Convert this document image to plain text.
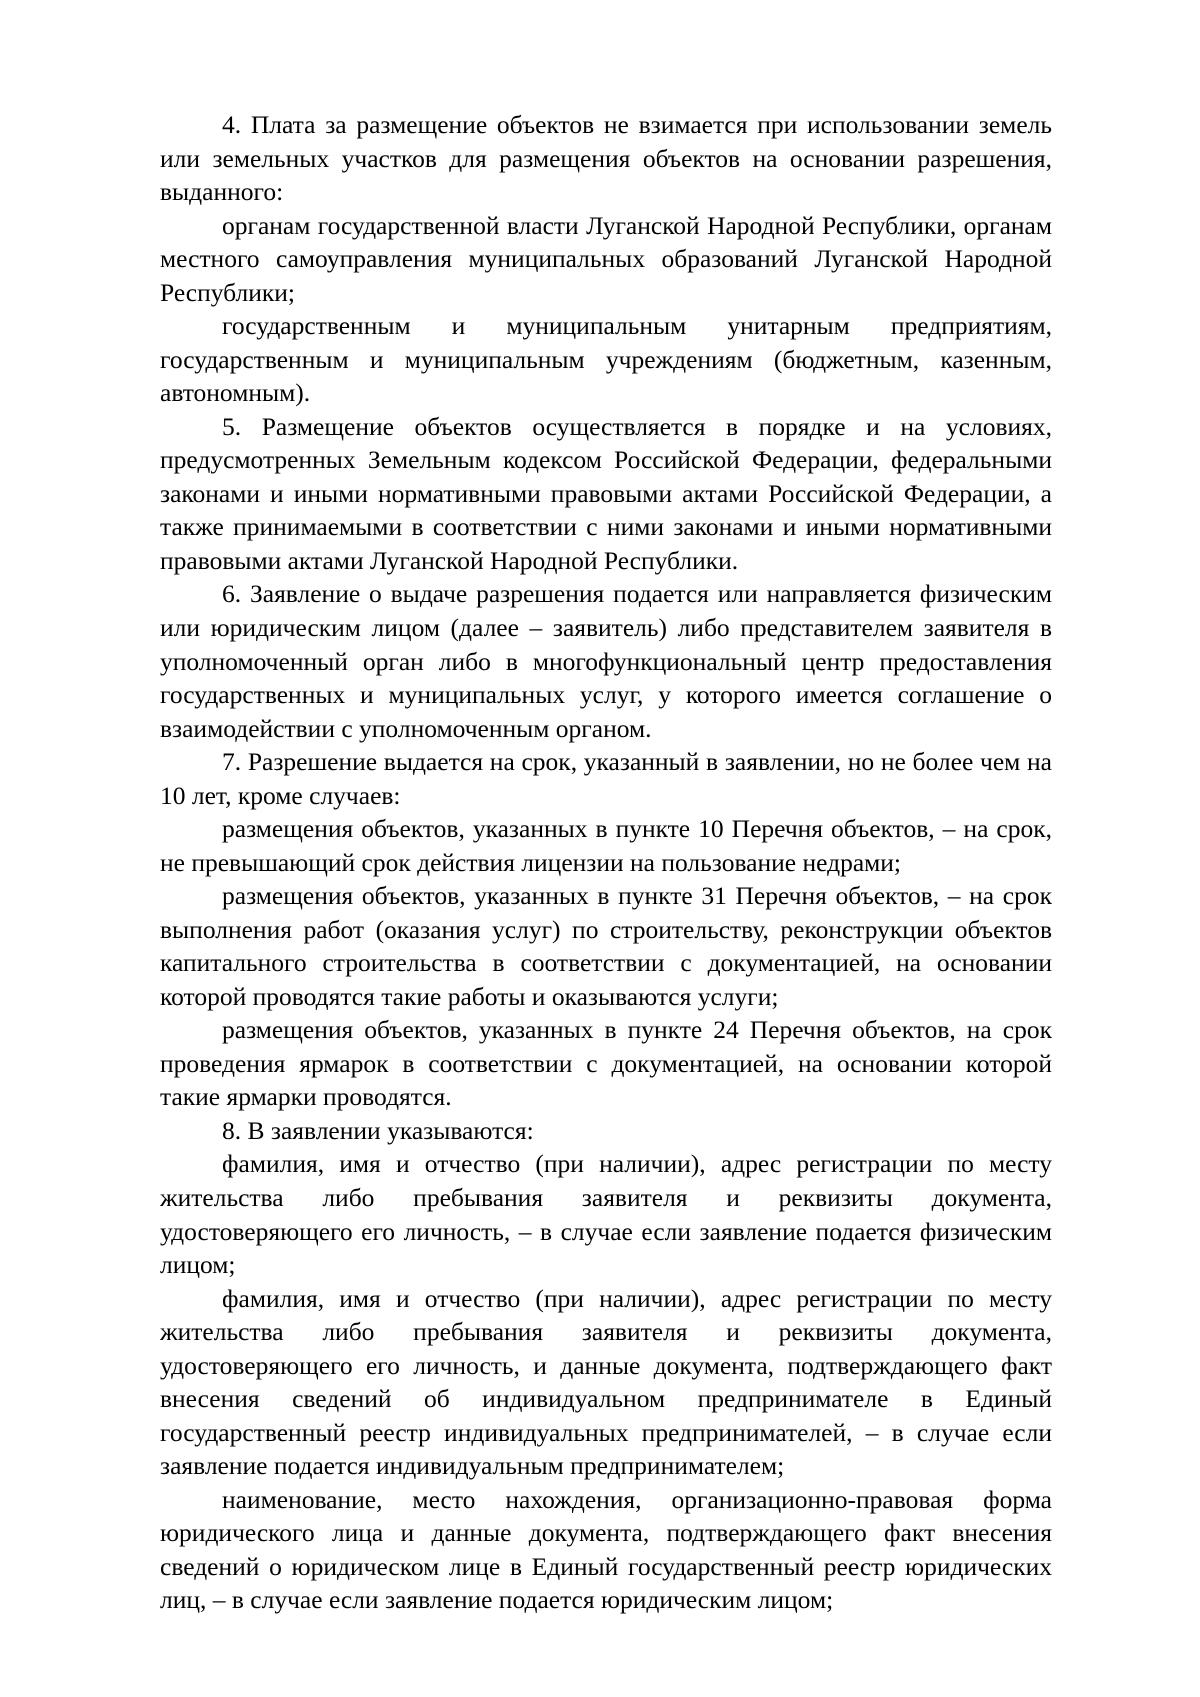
4. Плата за размещение объектов не взимается при использовании земель или земельных участков для размещения объектов на основании разрешения, выданного:

органам государственной власти Луганской Народной Республики, органам местного самоуправления муниципальных образований Луганской Народной Республики;

государственным и муниципальным унитарным предприятиям, государственным и муниципальным учреждениям (бюджетным, казенным, автономным).

5. Размещение объектов осуществляется в порядке и на условиях, предусмотренных Земельным кодексом Российской Федерации, федеральными законами и иными нормативными правовыми актами Российской Федерации, а также принимаемыми в соответствии с ними законами и иными нормативными правовыми актами Луганской Народной Республики.

6. Заявление о выдаче разрешения подается или направляется физическим или юридическим лицом (далее – заявитель) либо представителем заявителя в уполномоченный орган либо в многофункциональный центр предоставления государственных и муниципальных услуг, у которого имеется соглашение о взаимодействии с уполномоченным органом.

7. Разрешение выдается на срок, указанный в заявлении, но не более чем на 10 лет, кроме случаев:

размещения объектов, указанных в пункте 10 Перечня объектов, – на срок, не превышающий срок действия лицензии на пользование недрами;

размещения объектов, указанных в пункте 31 Перечня объектов, – на срок выполнения работ (оказания услуг) по строительству, реконструкции объектов капитального строительства в соответствии с документацией, на основании которой проводятся такие работы и оказываются услуги;

размещения объектов, указанных в пункте 24 Перечня объектов, на срок проведения ярмарок в соответствии с документацией, на основании которой такие ярмарки проводятся.

8. В заявлении указываются:

фамилия, имя и отчество (при наличии), адрес регистрации по месту жительства либо пребывания заявителя и реквизиты документа, удостоверяющего его личность, – в случае если заявление подается физическим лицом;

фамилия, имя и отчество (при наличии), адрес регистрации по месту жительства либо пребывания заявителя и реквизиты документа, удостоверяющего его личность, и данные документа, подтверждающего факт внесения сведений об индивидуальном предпринимателе в Единый государственный реестр индивидуальных предпринимателей, – в случае если заявление подается индивидуальным предпринимателем;

наименование, место нахождения, организационно-правовая форма юридического лица и данные документа, подтверждающего факт внесения сведений о юридическом лице в Единый государственный реестр юридических лиц, – в случае если заявление подается юридическим лицом;
